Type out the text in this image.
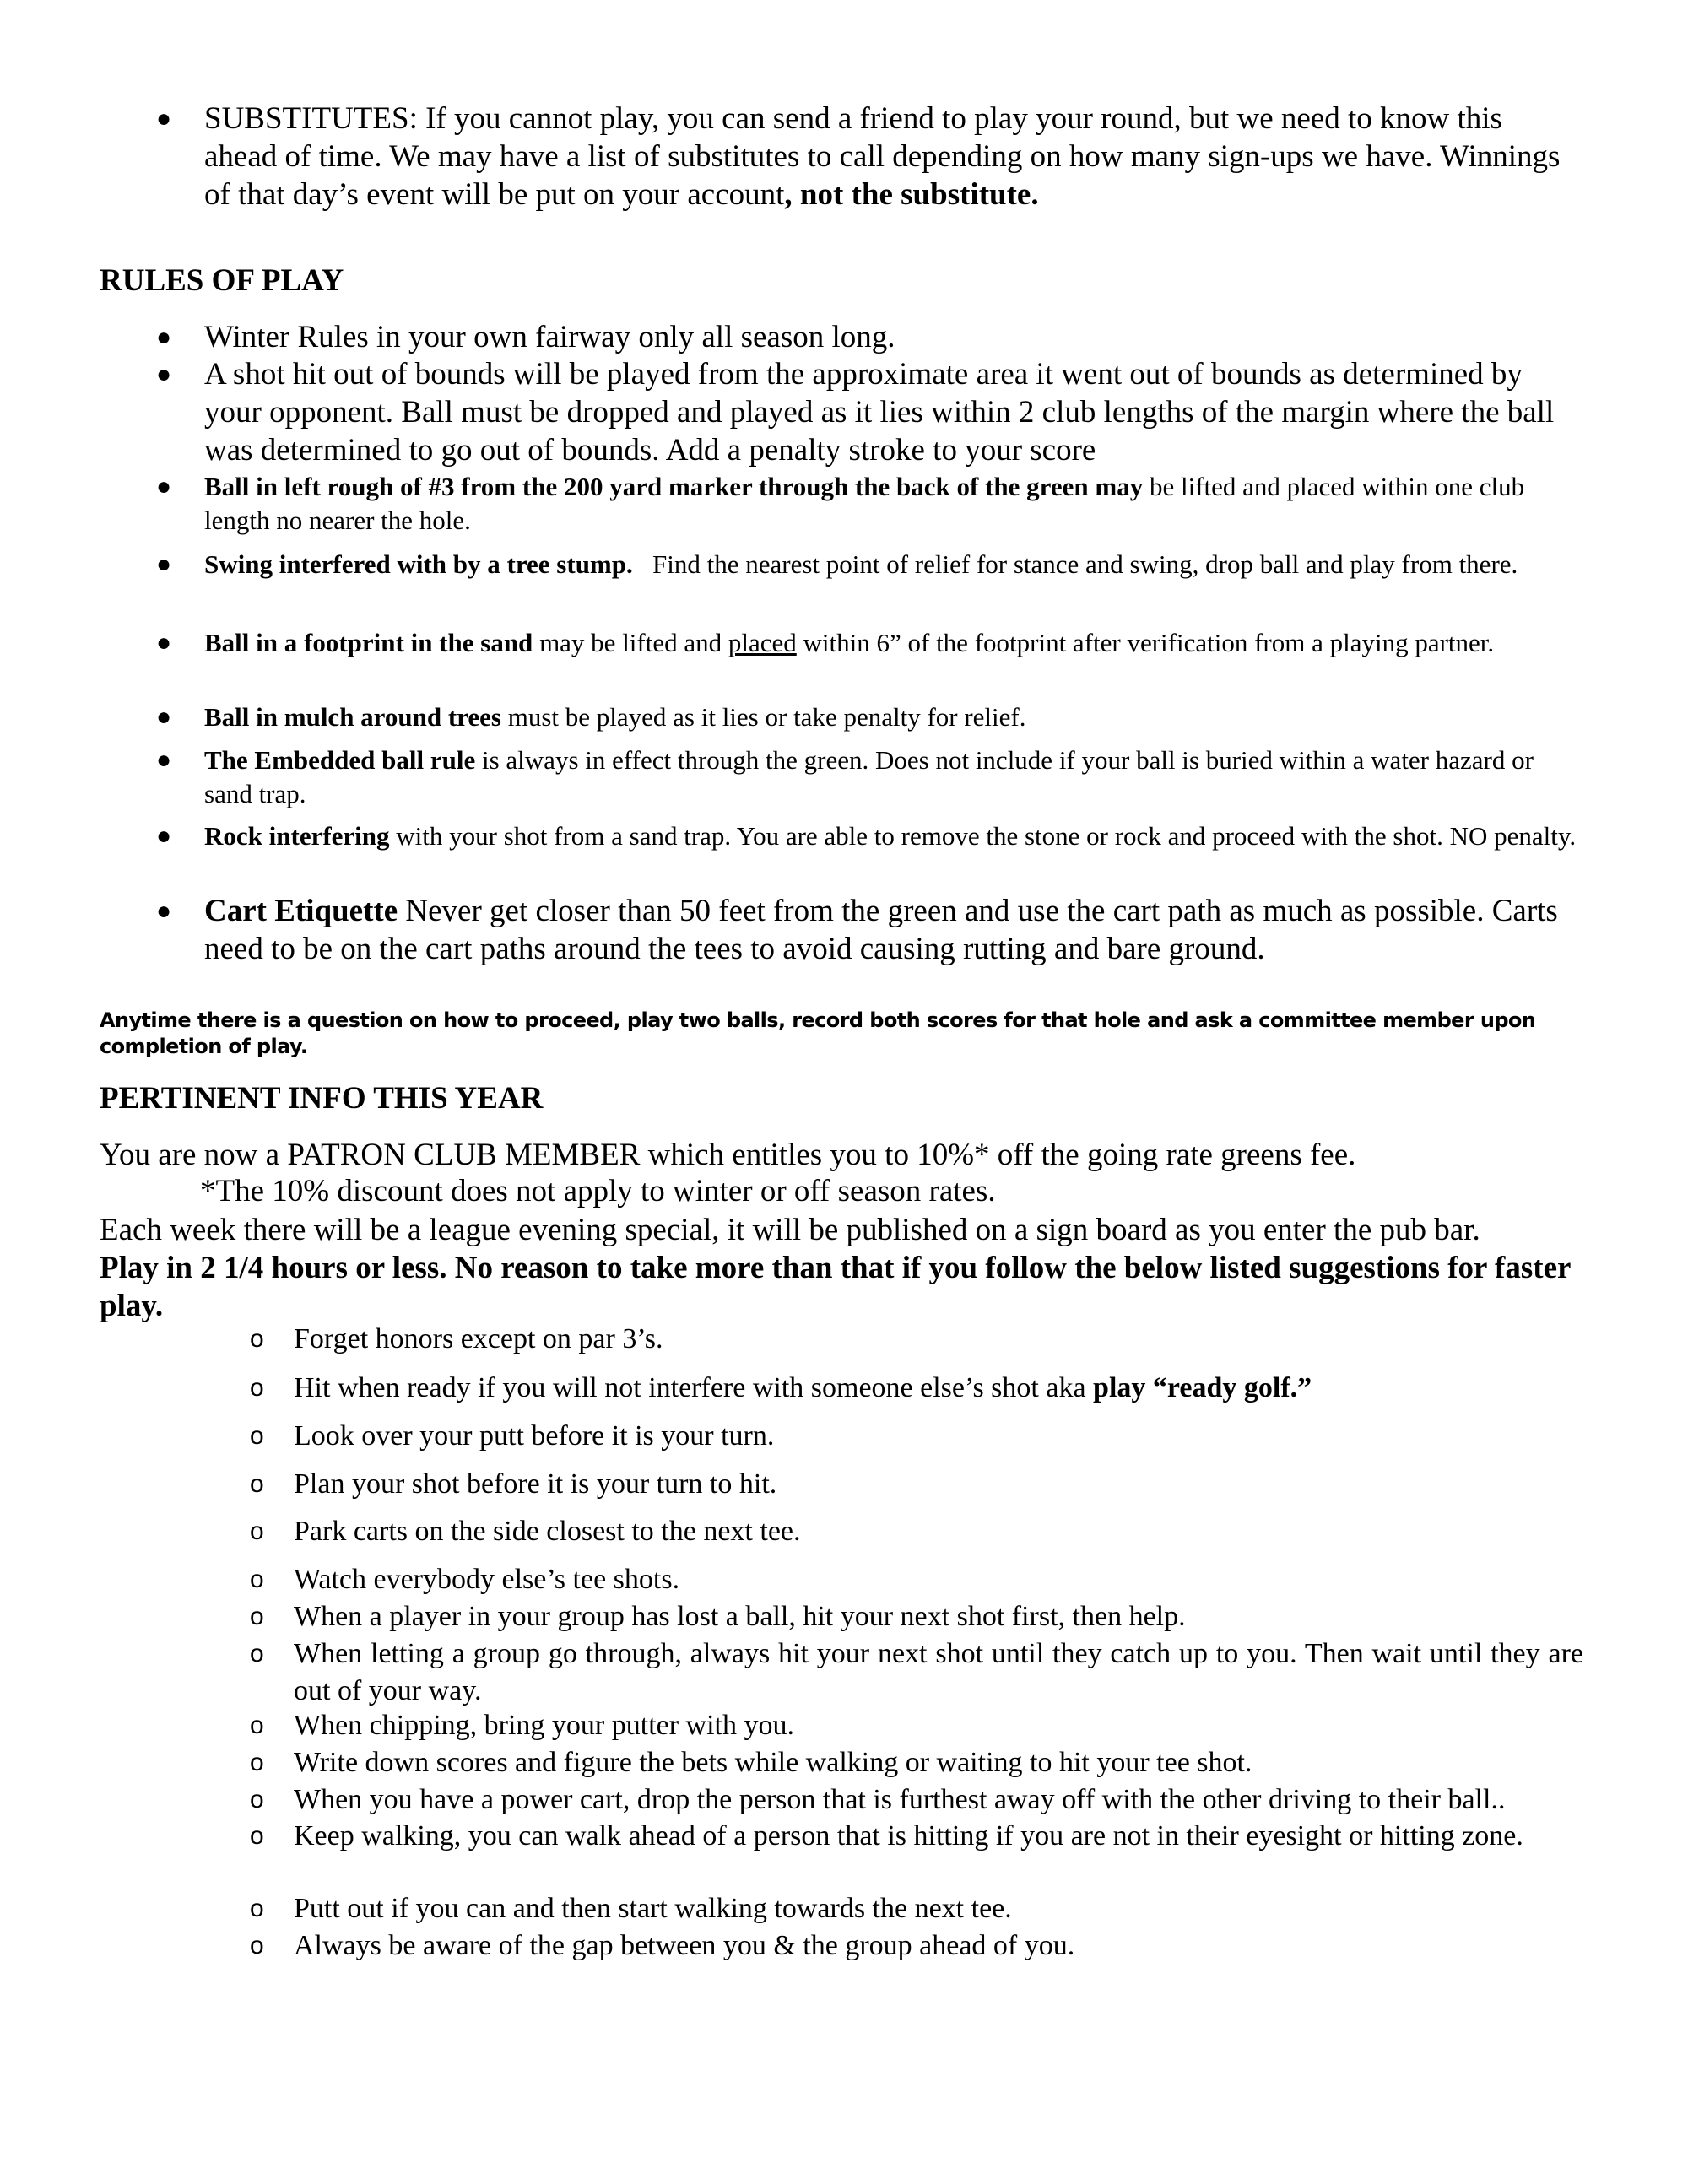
●	SUBSTITUTES: If you cannot play, you can send a friend to play your round, but we need to know this ahead of time. We may have a list of substitutes to call depending on how many sign-ups we have. Winnings of that day’s event will be put on your account, not the substitute.
RULES OF PLAY
●	Winter Rules in your own fairway only all season long.
●	A shot hit out of bounds will be played from the approximate area it went out of bounds as determined by your opponent. Ball must be dropped and played as it lies within 2 club lengths of the margin where the ball was determined to go out of bounds. Add a penalty stroke to your score
●	Ball in left rough of #3 from the 200 yard marker through the back of the green may be lifted and placed within one club length no nearer the hole.
●	Swing interfered with by a tree stump.   Find the nearest point of relief for stance and swing, drop ball and play from there.
●	Ball in a footprint in the sand may be lifted and placed within 6” of the footprint after verification from a playing partner.
●	Ball in mulch around trees must be played as it lies or take penalty for relief.
●	The Embedded ball rule is always in effect through the green. Does not include if your ball is buried within a water hazard or sand trap.
●	Rock interfering with your shot from a sand trap. You are able to remove the stone or rock and proceed with the shot. NO penalty.
●	Cart Etiquette Never get closer than 50 feet from the green and use the cart path as much as possible. Carts need to be on the cart paths around the tees to avoid causing rutting and bare ground.
Anytime there is a question on how to proceed, play two balls, record both scores for that hole and ask a committee member upon completion of play.
PERTINENT INFO THIS YEAR
You are now a PATRON CLUB MEMBER which entitles you to 10%* off the going rate greens fee.
*The 10% discount does not apply to winter or off season rates.
Each week there will be a league evening special, it will be published on a sign board as you enter the pub bar.
Play in 2 1/4 hours or less. No reason to take more than that if you follow the below listed suggestions for faster play.
o Forget honors except on par 3’s.
o Hit when ready if you will not interfere with someone else’s shot aka play “ready golf.”
o Look over your putt before it is your turn.
o Plan your shot before it is your turn to hit.
o Park carts on the side closest to the next tee.
o Watch everybody else’s tee shots.
o When a player in your group has lost a ball, hit your next shot first, then help.
o When letting a group go through, always hit your next shot until they catch up to you. Then wait until they are out of your way.
o When chipping, bring your putter with you.
o Write down scores and figure the bets while walking or waiting to hit your tee shot.
o When you have a power cart, drop the person that is furthest away off with the other driving to their ball..
o Keep walking, you can walk ahead of a person that is hitting if you are not in their eyesight or hitting zone.
o Putt out if you can and then start walking towards the next tee.
o Always be aware of the gap between you & the group ahead of you.
